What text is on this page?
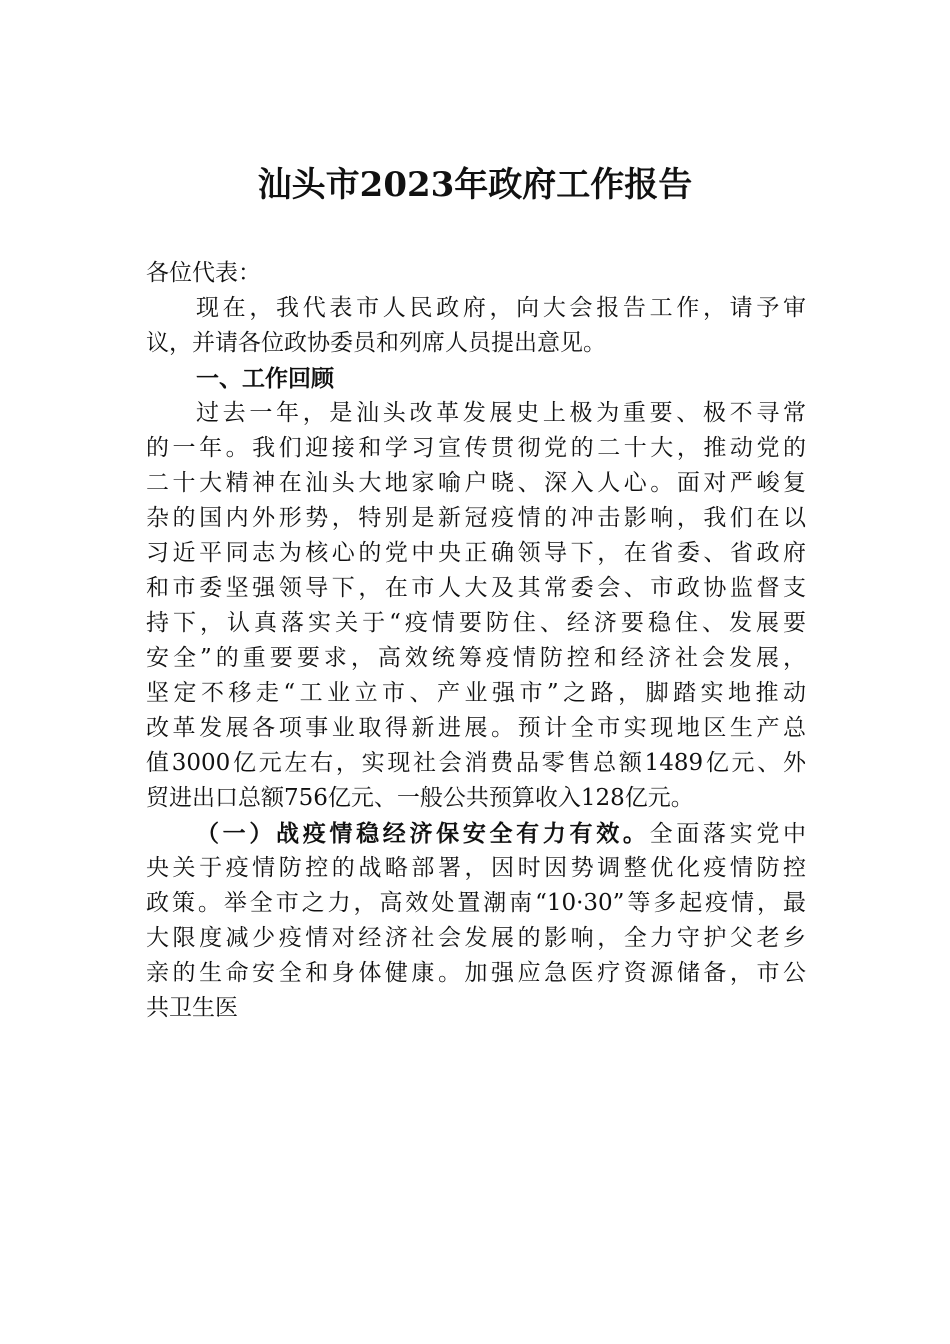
汕头市2023年政府工作报告
各位代表：
现在，我代表市人民政府，向大会报告工作，请予审
议，并请各位政协委员和列席人员提出意见。
一、工作回顾
过去一年，是汕头改革发展史上极为重要、极不寻常
的一年。我们迎接和学习宣传贯彻党的二十大，推动党的
二十大精神在汕头大地家喻户晓、深入人心。面对严峻复
杂的国内外形势，特别是新冠疫情的冲击影响，我们在以
习近平同志为核心的党中央正确领导下，在省委、省政府
和市委坚强领导下，在市人大及其常委会、市政协监督支
持下，认真落实关于“疫情要防住、经济要稳住、发展要
安全”的重要要求，高效统筹疫情防控和经济社会发展，
坚定不移走“工业立市、产业强市”之路，脚踏实地推动
改革发展各项事业取得新进展。预计全市实现地区生产总
值3000亿元左右，实现社会消费品零售总额1489亿元、外
贸进出口总额756亿元、一般公共预算收入128亿元。
（一）战疫情稳经济保安全有力有效。全面落实党中
央关于疫情防控的战略部署，因时因势调整优化疫情防控
政策。举全市之力，高效处置潮南“10·30”等多起疫情，最
大限度减少疫情对经济社会发展的影响，全力守护父老乡
亲的生命安全和身体健康。加强应急医疗资源储备，市公
共卫生医
